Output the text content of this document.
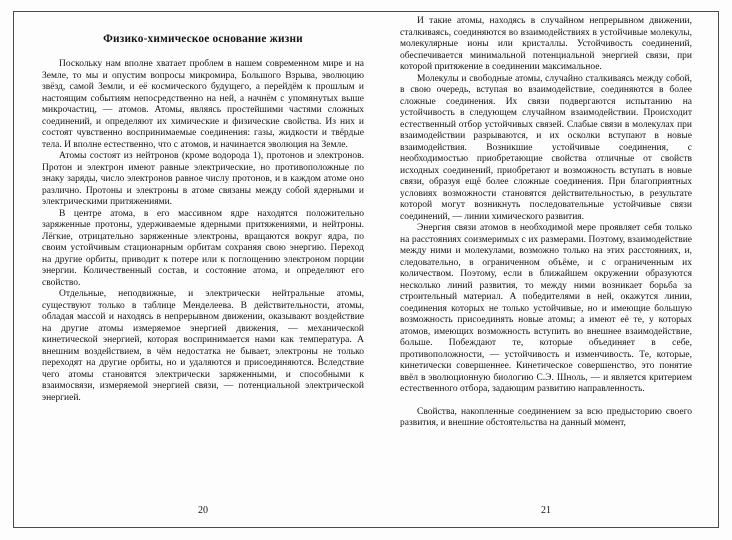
Физико-химическое основание жизни

Поскольку нам вполне хватает проблем в нашем современном мире и на Земле, то мы и опустим вопросы микромира, Большого Взрыва, эволюцию звёзд, самой Земли, и её космического будущего, а перейдём к прошлым и настоящим событиям непосредственно на ней, а начнём с упомянутых выше микрочастиц, — атомов. Атомы, являясь простейшими частями сложных соединений, и определяют их химические и физические свойства. Из них и состоят чувственно воспринимаемые соединения: газы, жидкости и твёрдые тела. И вполне естественно, что с атомов, и начинается эволюция на Земле.

Атомы состоят из нейтронов (кроме водорода 1), протонов и электронов. Протон и электрон имеют равные электрические, но противоположные по знаку заряды, число электронов равное числу протонов, и в каждом атоме оно различно. Протоны и электроны в атоме связаны между собой ядерными и электрическими притяжениями.

В центре атома, в его массивном ядре находятся положительно заряженные протоны, удерживаемые ядерными притяжениями, и нейтроны. Лёгкие, отрицательно заряженные электроны, вращаются вокруг ядра, по своим устойчивым стационарным орбитам сохраняя свою энергию. Переход на другие орбиты, приводит к потере или к поглощению электроном порции энергии. Количественный состав, и состояние атома, и определяют его свойство.

Отдельные, неподвижные, и электрически нейтральные атомы, существуют только в таблице Менделеева. В действительности, атомы, обладая массой и находясь в непрерывном движении, оказывают воздействие на другие атомы измеряемое энергией движения, — механической кинетической энергией, которая воспринимается нами как температура. А внешним воздействием, в чём недостатка не бывает, электроны не только переходят на другие орбиты, но и удаляются и присоединяются. Вследствие чего атомы становятся электрически заряженными, и способными к взаимосвязи, измеряемой энергией связи, — потенциальной электрической энергией.

20

И такие атомы, находясь в случайном непрерывном движении, сталкиваясь, соединяются во взаимодействиях в устойчивые молекулы, молекулярные ионы или кристаллы. Устойчивость соединений, обеспечивается минимальной потенциальной энергией связи, при которой притяжение в соединении максимальное.

Молекулы и свободные атомы, случайно сталкиваясь между собой, в свою очередь, вступая во взаимодействие, соединяются в более сложные соединения. Их связи подвергаются испытанию на устойчивость в следующем случайном взаимодействии. Происходит естественный отбор устойчивых связей. Слабые связи в молекулах при взаимодействии разрываются, и их осколки вступают в новые взаимодействия. Возникшие устойчивые соединения, с необходимостью приобретающие свойства отличные от свойств исходных соединений, приобретают и возможность вступать в новые связи, образуя ещё более сложные соединения. При благоприятных условиях возможности становятся действительностью, в результате которой могут возникнуть последовательные устойчивые связи соединений, — линии химического развития.

Энергия связи атомов в необходимой мере проявляет себя только на расстояниях соизмеримых с их размерами. Поэтому, взаимодействие между ними и молекулами, возможно только на этих расстояниях, и, следовательно, в ограниченном объёме, и с ограниченным их количеством. Поэтому, если в ближайшем окружении образуются несколько линий развития, то между ними возникает борьба за строительный материал. А победителями в ней, окажутся линии, соединения которых не только устойчивые, но и имеющие большую возможность присоединять новые атомы; а имеют её те, у которых атомов, имеющих возможность вступить во внешнее взаимодействие, больше. Побеждают те, которые объединяет в себе, противоположности, — устойчивость и изменчивость. Те, которые, кинетически совершеннее. Кинетическое совершенство, это понятие ввёл в эволюционную биологию С.Э. Шноль, — и является критерием естественного отбора, задающим развитию направленность.

Свойства, накопленные соединением за всю предысторию своего развития, и внешние обстоятельства на данный момент,

21
